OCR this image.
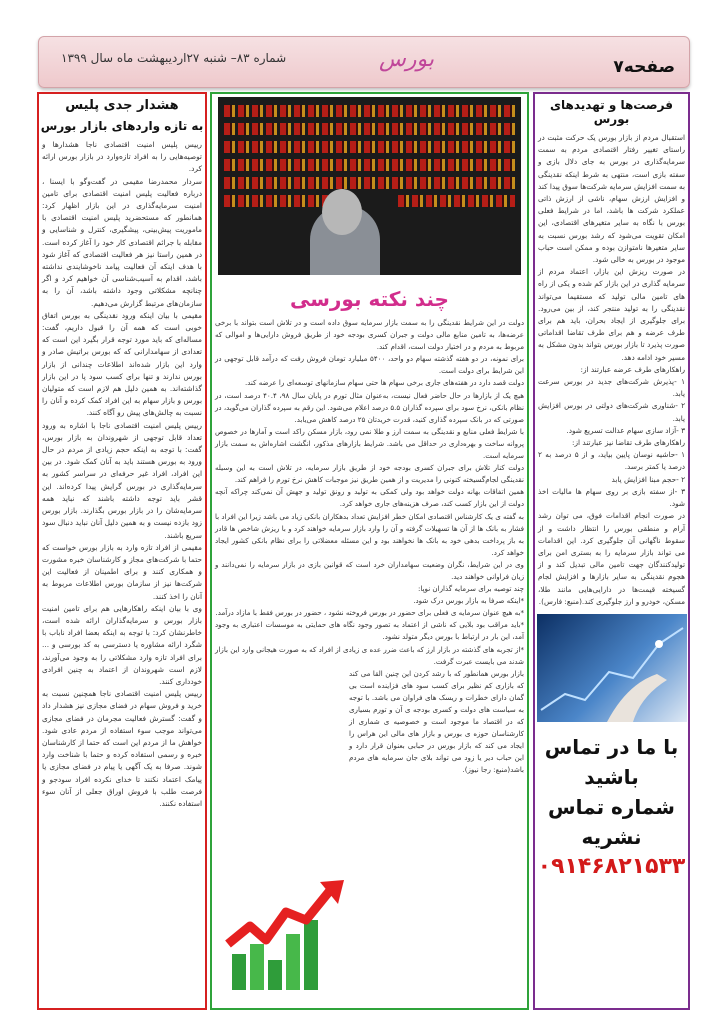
شماره ۸۳– شنبه ۲۷اردیبهشت ماه سال ۱۳۹۹	بورس	صفحه۷
هشدار جدی پلیس
به تازه واردهای بازار بورس

رییس پلیس امنیت اقتصادی ناجا هشدارها و توصیه‌هایی را به افراد تازه‌وارد در بازار بورس ارائه کرد.

سردار محمدرضا مقیمی در گفت‌وگو با ایسنا ، درباره فعالیت پلیس امنیت اقتصادی برای تامین امنیت سرمایه‌گذاری در این بازار اظهار کرد: همانطور که مستحضرید پلیس امنیت اقتصادی با ماموریت پیش‌بینی، پیشگیری، کنترل و شناسایی و مقابله با جرائم اقتصادی کار خود را آغاز کرده است. در همین راستا نیز هر فعالیت اقتصادی که آغاز شود با هدف اینکه آن فعالیت پیامد ناخوشایندی نداشته باشد، اقدام به آسیب‌شناسی آن خواهیم کرد و اگر چنانچه مشکلاتی وجود داشته باشد، آن را به سازمان‌های مرتبط گزارش می‌دهیم.

مقیمی با بیان اینکه ورود نقدینگی به بورس اتفاق خوبی است که همه آن را قبول داریم، گفت: مساله‌ای که باید مورد توجه قرار بگیرد این است که تعدادی از سهامدارانی که که بورس براتیش صادر و وارد این بازار شده‌اند اطلاعات چندانی از بازار بورس ندارند و تنها برای کسب سود پا در این بازار گذاشته‌اند. به همین دلیل هم لازم است که متولیان بورس و بازار سهام به این افراد کمک کرده و آنان را نسبت به چالش‌های پیش رو آگاه کنند.

رییس پلیس امنیت اقتصادی ناجا با اشاره به ورود تعداد قابل توجهی از شهروندان به بازار بورس، گفت: با توجه به اینکه حجم زیادی از مردم در حال ورود به بورس هستند باید به آنان کمک شود. در بین این افراد، افراد غیر حرفه‌ای در سراسر کشور به سرمایه‌گذاری در بورس گرایش پیدا کرده‌اند. این قشر باید توجه داشته باشند که نباید همه سرمایه‌شان را در بازار بورس بگذارند. بازار بورس زود بازده نیست و به همین دلیل آنان نباید دنبال سود سریع باشند.

مقیمی از افراد تازه وارد به بازار بورس خواست که حتما با شرکت‌های مجاز و کارشناسان خبره مشورت و همکاری کنند و برای اطمینان از فعالیت این شرکت‌ها نیز از سازمان بورس اطلاعات مربوط به آنان را اخذ کنند.

وی با بیان اینکه راهکارهایی هم برای تامین امنیت بازار بورس و سرمایه‌گذاران ارائه شده است، خاطرنشان کرد: با توجه به اینکه بعضا افراد ناباب با شگرد ارائه مشاوره یا دسترسی به کد بورسی و ... برای افراد تازه وارد مشکلاتی را به وجود می‌آورند، لازم است شهروندان از اعتماد به چنین افرادی خودداری کنند.

رییس پلیس امنیت اقتصادی ناجا همچنین نسبت به خرید و فروش سهام در فضای مجازی نیز هشدار داد و گفت: گسترش فعالیت مجرمان در فضای مجازی می‌تواند موجب سوء استفاده از مردم عادی شود. خواهش ما از مردم این است که حتما از کارشناسان خبره و رسمی استفاده کرده و حتما با شناخت وارد شوند. صرفا به یک آگهی یا پیام در فضای مجازی یا پیامک اعتماد نکنند تا خدای نکرده افراد سودجو و فرصت طلب با فروش اوراق جعلی از آنان سوء استفاده نکنند.

چند نکته بورسی

دولت در این شرایط نقدینگی را به سمت بازار سرمایه سوق داده است و در تلاش است بتواند با برخی عرضه‌ها، به تامین منابع مالی دولت و جبران کسری بودجه خود از طریق فروش دارایی‌ها و اموالی که مربوط به مردم و در اختیار دولت است، اقدام کند.

برای نمونه، در دو هفته گذشته سهام دو واحد، ۵۴۰۰ میلیارد تومان فروش رفت که درآمد قابل توجهی در این شرایط برای دولت است.

دولت قصد دارد در هفته‌های جاری برخی سهام ها حتی سهام سازمانهای توسعه‌ای را عرضه کند.

هیچ یک از بازارها در حال حاضر فعال نیست، به‌عنوان مثال تورم در پایان سال ۹۸، ۴۰.۴ درصد است، در نظام بانکی، نرخ سود برای سپرده گذاران ۵.۵ درصد اعلام می‌شود. این رقم به سپرده گذاران می‌گوید، در صورتی که در بانک سپرده گذاری کنید، قدرت خریدتان ۲۵ درصد کاهش می‌یابد.

با شرایط فعلی منابع و نقدینگی به سمت ارز و طلا نمی رود، بازار مسکن راکد است و آمارها در خصوص پروانه ساخت و بهره‌داری در حداقل می باشد. شرایط بازارهای مذکور، انگشت اشاره‌اش به سمت بازار سرمایه است.

دولت کنار تلاش برای جبران کسری بودجه خود از طریق بازار سرمایه، در تلاش است به این وسیله نقدینگی لجام‌گسیخته کنونی را مدیریت و از همین طریق نیز موجبات کاهش نرخ تورم را فراهم کند.

همین اتفاقات بهانه دولت خواهد بود ولی کمکی به تولید و رونق تولید و جهش آن نمی‌کند چراکه آنچه دولت از این بازار کسب کند، صرف هزینه‌های جاری خواهد کرد.

به گفته ی یک کارشناس اقتصادی امکان خطر افزایش تعداد بدهکاران بانکی زیاد می باشد زیرا این افراد با فشار به بانک ها از آن ها تسهیلات گرفته و آن را وارد بازار سرمایه خواهند کرد و با ریزش شاخص ها قادر به باز پرداخت بدهی خود به بانک ها نخواهند بود و این مسئله معضلاتی را برای نظام بانکی کشور ایجاد خواهد کرد.

وی در این شرایط، نگران وضعیت سهامداران خرد است که قوانین بازی در بازار سرمایه را نمی‌دانند و زیان فراوانی خواهند دید.

چند توصیه برای سرمایه گذاران نوپا:

*اینکه صرفا به بازار بورس درک شود.

*به هیچ عنوان سرمایه ی فعلی برای حضور در بورس فروخته نشود ، حضور در بورس فقط با مازاد درآمد.

*باید مراقب بود بلایی که ناشی از اعتماد به تصور وجود نگاه های حمایتی به موسسات اعتباری به وجود آمد، این بار در ارتباط با بورس دیگر متولد نشود.

*از تجربه های گذشته در بازار ارز که باعث ضرر عده ی زیادی از افراد که به صورت هیجانی وارد این بازار شدند می بایست عبرت گرفت.

بازار بورس همانطور که با رشد کردن این چنین القا می کند که بازاری کم نظیر برای کسب سود های فزاینده است بی گمان دارای خطرات و ریسک های فراوان می باشد. با توجه به سیاست های دولت و کسری بودجه ی آن و تورم بسیاری که در اقتصاد ما موجود است و خصوصیه ی شماری از کارشناسان حوزه ی بورس و بازار های مالی این هراس را ایجاد می کند که بازار بورس در حبابی بعنوان قرار دارد و این حباب دیر یا زود می تواند بلای جان سرمایه های مردم باشد(منبع: رجا نیوز).

فرصت‌ها و تهدیدهای بورس

استقبال مردم از بازار بورس یک حرکت مثبت در راستای تغییر رفتار اقتصادی مردم به سمت سرمایه‌گذاری در بورس به جای دلال بازی و سفته بازی است، منتهی به شرط اینکه نقدینگی به سمت افزایش سرمایه شرکت‌ها سوق پیدا کند و افزایش ارزش سهام، ناشی از ارزش ذاتی عملکرد شرکت ها باشد، اما در شرایط فعلی بورس با نگاه به سایر متغیرهای اقتصادی، این امکان تقویت می‌شود که رشد بورس نسبت به سایر متغیرها نامتوازن بوده و ممکن است حباب موجود در بورس به خالی شود.

در صورت ریزش این بازار، اعتماد مردم از سرمایه گذاری در این بازار کم شده و یکی از راه های تامین مالی تولید که مستقیما می‌تواند نقدینگی را به تولید منتجر کند، از بین می‌رود. برای جلوگیری از ایجاد بحران، باید هم برای طرف عرضه و هم برای طرف تقاضا اقداماتی صورت پذیرد تا بازار بورس بتواند بدون مشکل به مسیر خود ادامه دهد.

راهکارهای طرف عرضه عبارتند از:

۱ -پذیرش شرکت‌های جدید در بورس سرعت یابد.

۲ -شناوری شرکت‌های دولتی در بورس افزایش یابد.

۳ -آزاد سازی سهام عدالت تسریع شود.

راهکارهای طرف تقاضا نیز عبارتند از:

۱ -حاشیه نوسان پایین بیاید، و از ۵ درصد به ۲ درصد یا کمتر برسد.

۲ -حجم مبنا افزایش یابد

۳ -از سفته بازی بر روی سهام ها مالیات اخذ شود.

در صورت انجام اقدامات فوق، می توان رشد آرام و منطقی بورس را انتظار داشت و از سقوط ناگهانی آن جلوگیری کرد. این اقدامات می تواند بازار سرمایه را به بستری امن برای تولیدکنندگان جهت تامین مالی تبدیل کند و از هجوم نقدینگی به سایر بازارها و افزایش لجام گسیخته قیمت‌ها در دارایی‌هایی مانند طلا، مسکن، خودرو و ارز جلوگیری کند.(منبع: فارس).

با ما در تماس باشید
شماره تماس نشریه
۰۹۱۴۶۸۲۱۵۳۳
